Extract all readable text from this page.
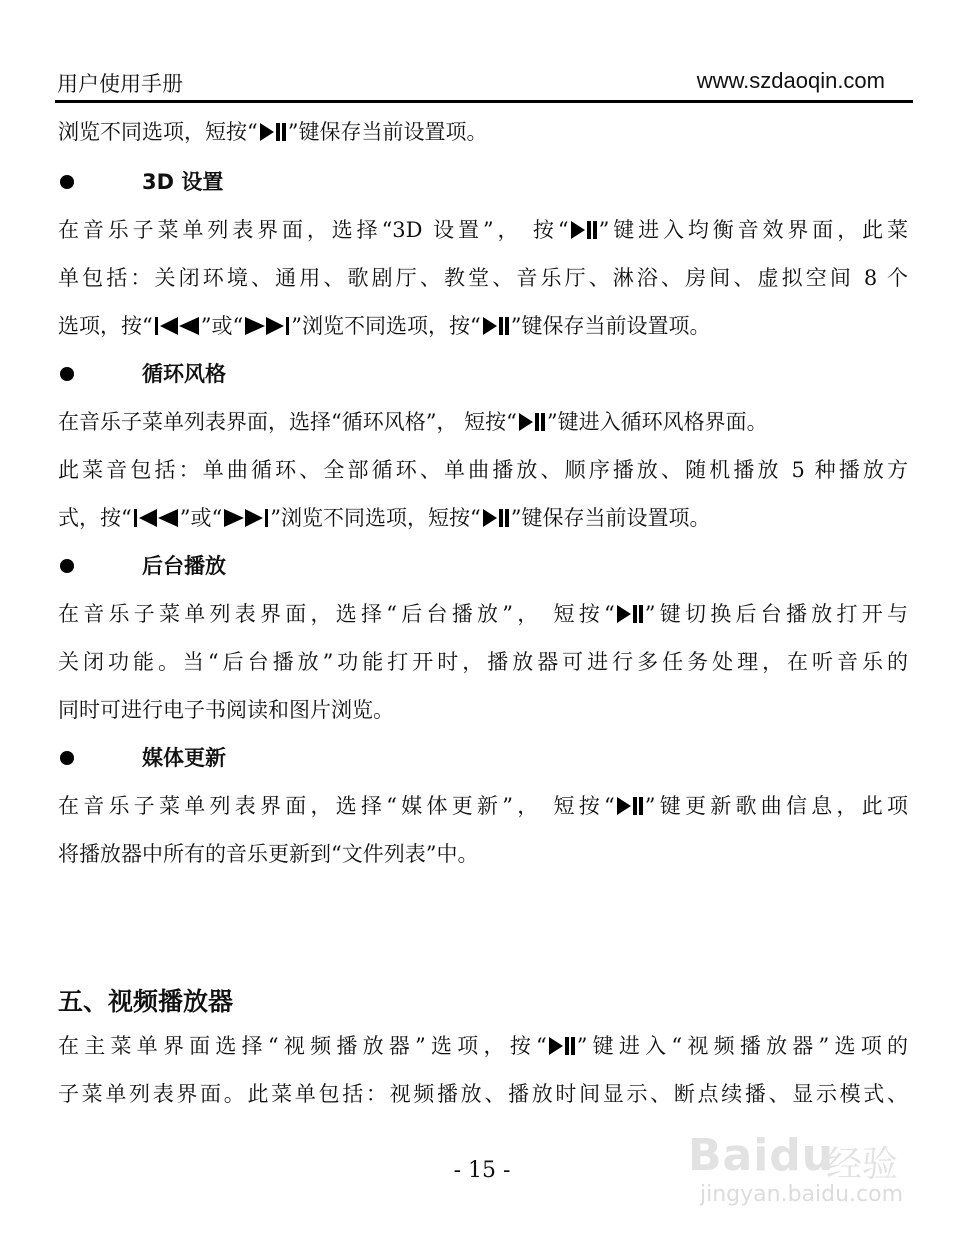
用户使用手册	www.szdaoqin.com
浏览不同选项，短按“ ”键保存当前设置项。
3D 设置
在音乐子菜单列表界面，选择“3D 设置”， 按“ ”键进入均衡音效界面，此菜
单包括：关闭环境、通用、歌剧厅、教堂、音乐厅、淋浴、房间、虚拟空间 8 个
选项，按“ ”或“ ”浏览不同选项，按“ ”键保存当前设置项。
循环风格
在音乐子菜单列表界面，选择“循环风格”， 短按“ ”键进入循环风格界面。
此菜音包括：单曲循环、全部循环、单曲播放、顺序播放、随机播放 5 种播放方
式，按“ ”或“ ”浏览不同选项，短按“ ”键保存当前设置项。
后台播放
在音乐子菜单列表界面，选择“后台播放”， 短按“ ”键切换后台播放打开与
关闭功能。当“后台播放”功能打开时，播放器可进行多任务处理，在听音乐的
同时可进行电子书阅读和图片浏览。
媒体更新
在音乐子菜单列表界面，选择“媒体更新”， 短按“ ”键更新歌曲信息，此项
将播放器中所有的音乐更新到“文件列表”中。
五、视频播放器
在主菜单界面选择“视频播放器”选项，按“ ”键进入“视频播放器”选项的
子菜单列表界面。此菜单包括：视频播放、播放时间显示、断点续播、显示模式、
- 15 -	Baidu
经验
jingyan.baidu.com
